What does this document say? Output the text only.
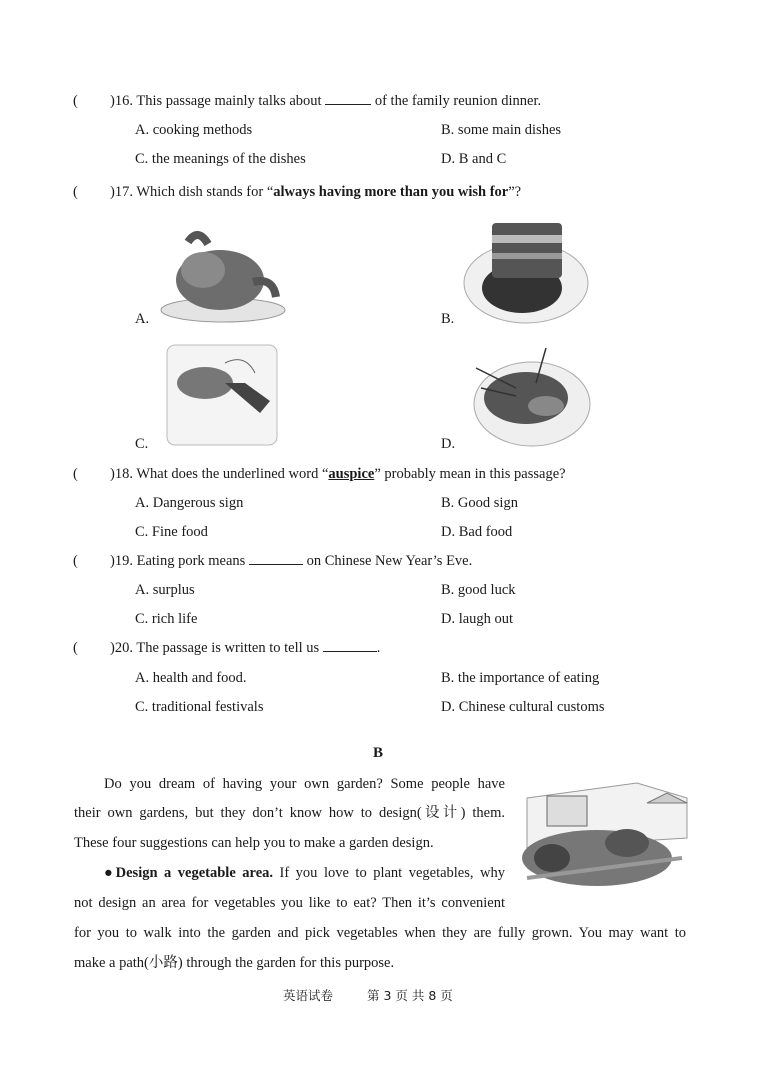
( )16. This passage mainly talks about	of the family reunion dinner.
A. cooking methods	B. some main dishes
C. the meanings of the dishes	D. B and C
( )17. Which dish stands for “always having more than you wish for”?
A.	B.
C.	D.
( )18. What does the underlined word “auspice” probably mean in this passage?
A. Dangerous sign	B. Good sign
C. Fine food	D. Bad food
( )19. Eating pork means	on Chinese New Year’s Eve.
A. surplus	B. good luck
C. rich life	D. laugh out
( )20. The passage is written to tell us	.
A. health and food.	B. the importance of eating
C. traditional festivals	D. Chinese cultural customs
B
Do you dream of having your own garden? Some people have
their own gardens, but they don’t know how to design(设计) them.
These four suggestions can help you to make a garden design.
●Design a vegetable area. If you love to plant vegetables, why
not design an area for vegetables you like to eat? Then it’s convenient
for you to walk into the garden and pick vegetables when they are fully grown. You may want to
make a path(小路) through the garden for this purpose.
英语试卷	第 3 页 共 8 页
